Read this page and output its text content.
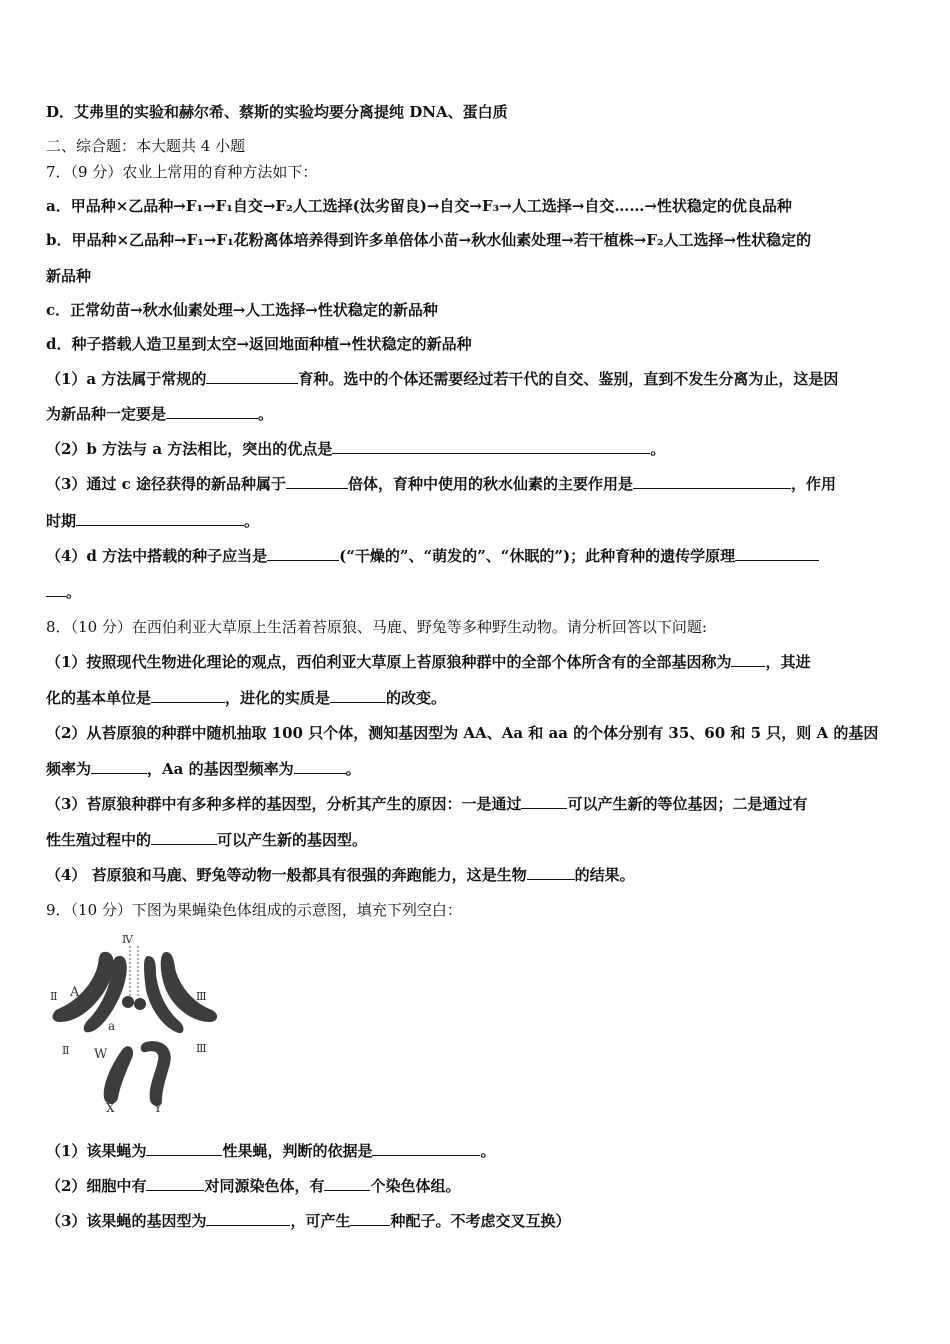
D．艾弗里的实验和赫尔希、蔡斯的实验均要分离提纯 DNA、蛋白质
二、综合题：本大题共 4 小题
7．（9 分）农业上常用的育种方法如下：
a．甲品种×乙品种→F₁→F₁自交→F₂人工选择(汰劣留良)→自交→F₃→人工选择→自交……→性状稳定的优良品种
b．甲品种×乙品种→F₁→F₁花粉离体培养得到许多单倍体小苗→秋水仙素处理→若干植株→F₂人工选择→性状稳定的
新品种
c．正常幼苗→秋水仙素处理→人工选择→性状稳定的新品种
d．种子搭载人造卫星到太空→返回地面种植→性状稳定的新品种
（1）a 方法属于常规的	育种。选中的个体还需要经过若干代的自交、鉴别，直到不发生分离为止，这是因
为新品种一定要是	。
（2）b 方法与 a 方法相比，突出的优点是	。
（3）通过 c 途径获得的新品种属于	倍体，育种中使用的秋水仙素的主要作用是	，作用
时期	。
（4）d 方法中搭载的种子应当是	(“干燥的”、“萌发的”、“休眠的”)；此种育种的遗传学原理
。
8．（10 分）在西伯利亚大草原上生活着苔原狼、马鹿、野兔等多种野生动物。请分析回答以下问题:
（1）按照现代生物进化理论的观点，西伯利亚大草原上苔原狼种群中的全部个体所含有的全部基因称为 ，其进
化的基本单位是	，进化的实质是	的改变。
（2）从苔原狼的种群中随机抽取 100 只个体，测知基因型为 AA、Aa 和 aa 的个体分别有 35、60 和 5 只，则 A 的基因
频率为	，Aa 的基因型频率为	。
（3）苔原狼种群中有多种多样的基因型，分析其产生的原因：一是通过	可以产生新的等位基因；二是通过有
性生殖过程中的	可以产生新的基因型。
（4） 苔原狼和马鹿、野兔等动物一般都具有很强的奔跑能力，这是生物	的结果。
9．（10 分）下图为果蝇染色体组成的示意图，填充下列空白：
Ⅳ
Ⅱ A	Ⅲ
a
Ⅱ W	Ⅲ
X	Y
（1）该果蝇为	性果蝇，判断的依据是	。
（2）细胞中有	对同源染色体，有	个染色体组。
（3）该果蝇的基因型为	，可产生	种配子。不考虑交叉互换）
